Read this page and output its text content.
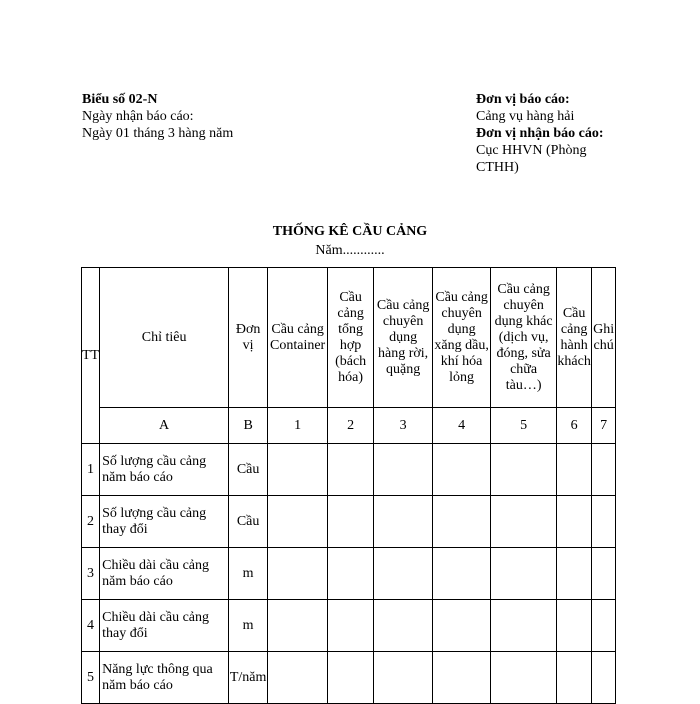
Biểu số 02-N
Ngày nhận báo cáo:
Ngày 01 tháng 3 hàng năm
Đơn vị báo cáo:
Cảng vụ hàng hải
Đơn vị nhận báo cáo:
Cục HHVN (Phòng CTHH)
THỐNG KÊ CẦU CẢNG
Năm............
TT	Chỉ tiêu	Đơn vị	Cầu cảng Container	Cầu cảng tổng hợp (bách hóa)	Cầu cảng chuyên dụng hàng rời, quặng	Cầu cảng chuyên dụng xăng dầu, khí hóa lỏng	Cầu cảng chuyên dụng khác (dịch vụ, đóng, sửa chữa tàu…)	Cầu cảng hành khách	Ghi chú
	A	B	1	2	3	4	5	6	7
1	Số lượng cầu cảng năm báo cáo	Cầu							
2	Số lượng cầu cảng thay đổi	Cầu							
3	Chiều dài cầu cảng năm báo cáo	m							
4	Chiều dài cầu cảng thay đổi	m							
5	Năng lực thông qua năm báo cáo	T/năm							
